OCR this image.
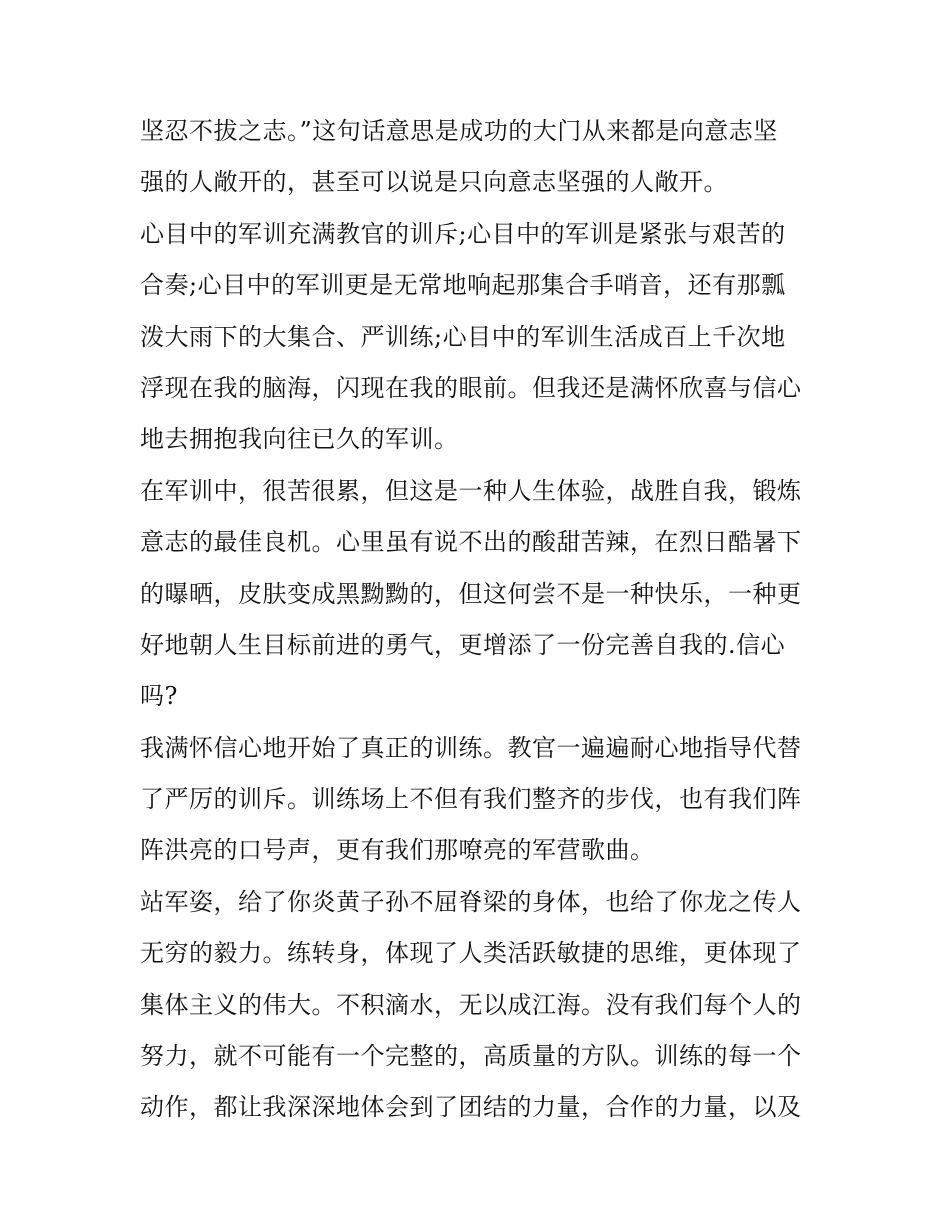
坚忍不拔之志。”这句话意思是成功的大门从来都是向意志坚
强的人敞开的，甚至可以说是只向意志坚强的人敞开。
心目中的军训充满教官的训斥;心目中的军训是紧张与艰苦的
合奏;心目中的军训更是无常地响起那集合手哨音，还有那瓢
泼大雨下的大集合、严训练;心目中的军训生活成百上千次地
浮现在我的脑海，闪现在我的眼前。但我还是满怀欣喜与信心
地去拥抱我向往已久的军训。
在军训中，很苦很累，但这是一种人生体验，战胜自我，锻炼
意志的最佳良机。心里虽有说不出的酸甜苦辣，在烈日酷暑下
的曝晒，皮肤变成黑黝黝的，但这何尝不是一种快乐，一种更
好地朝人生目标前进的勇气，更增添了一份完善自我的.信心
吗?
我满怀信心地开始了真正的训练。教官一遍遍耐心地指导代替
了严厉的训斥。训练场上不但有我们整齐的步伐，也有我们阵
阵洪亮的口号声，更有我们那嘹亮的军营歌曲。
站军姿，给了你炎黄子孙不屈脊梁的身体，也给了你龙之传人
无穷的毅力。练转身，体现了人类活跃敏捷的思维，更体现了
集体主义的伟大。不积滴水，无以成江海。没有我们每个人的
努力，就不可能有一个完整的，高质量的方队。训练的每一个
动作，都让我深深地体会到了团结的力量，合作的力量，以及
